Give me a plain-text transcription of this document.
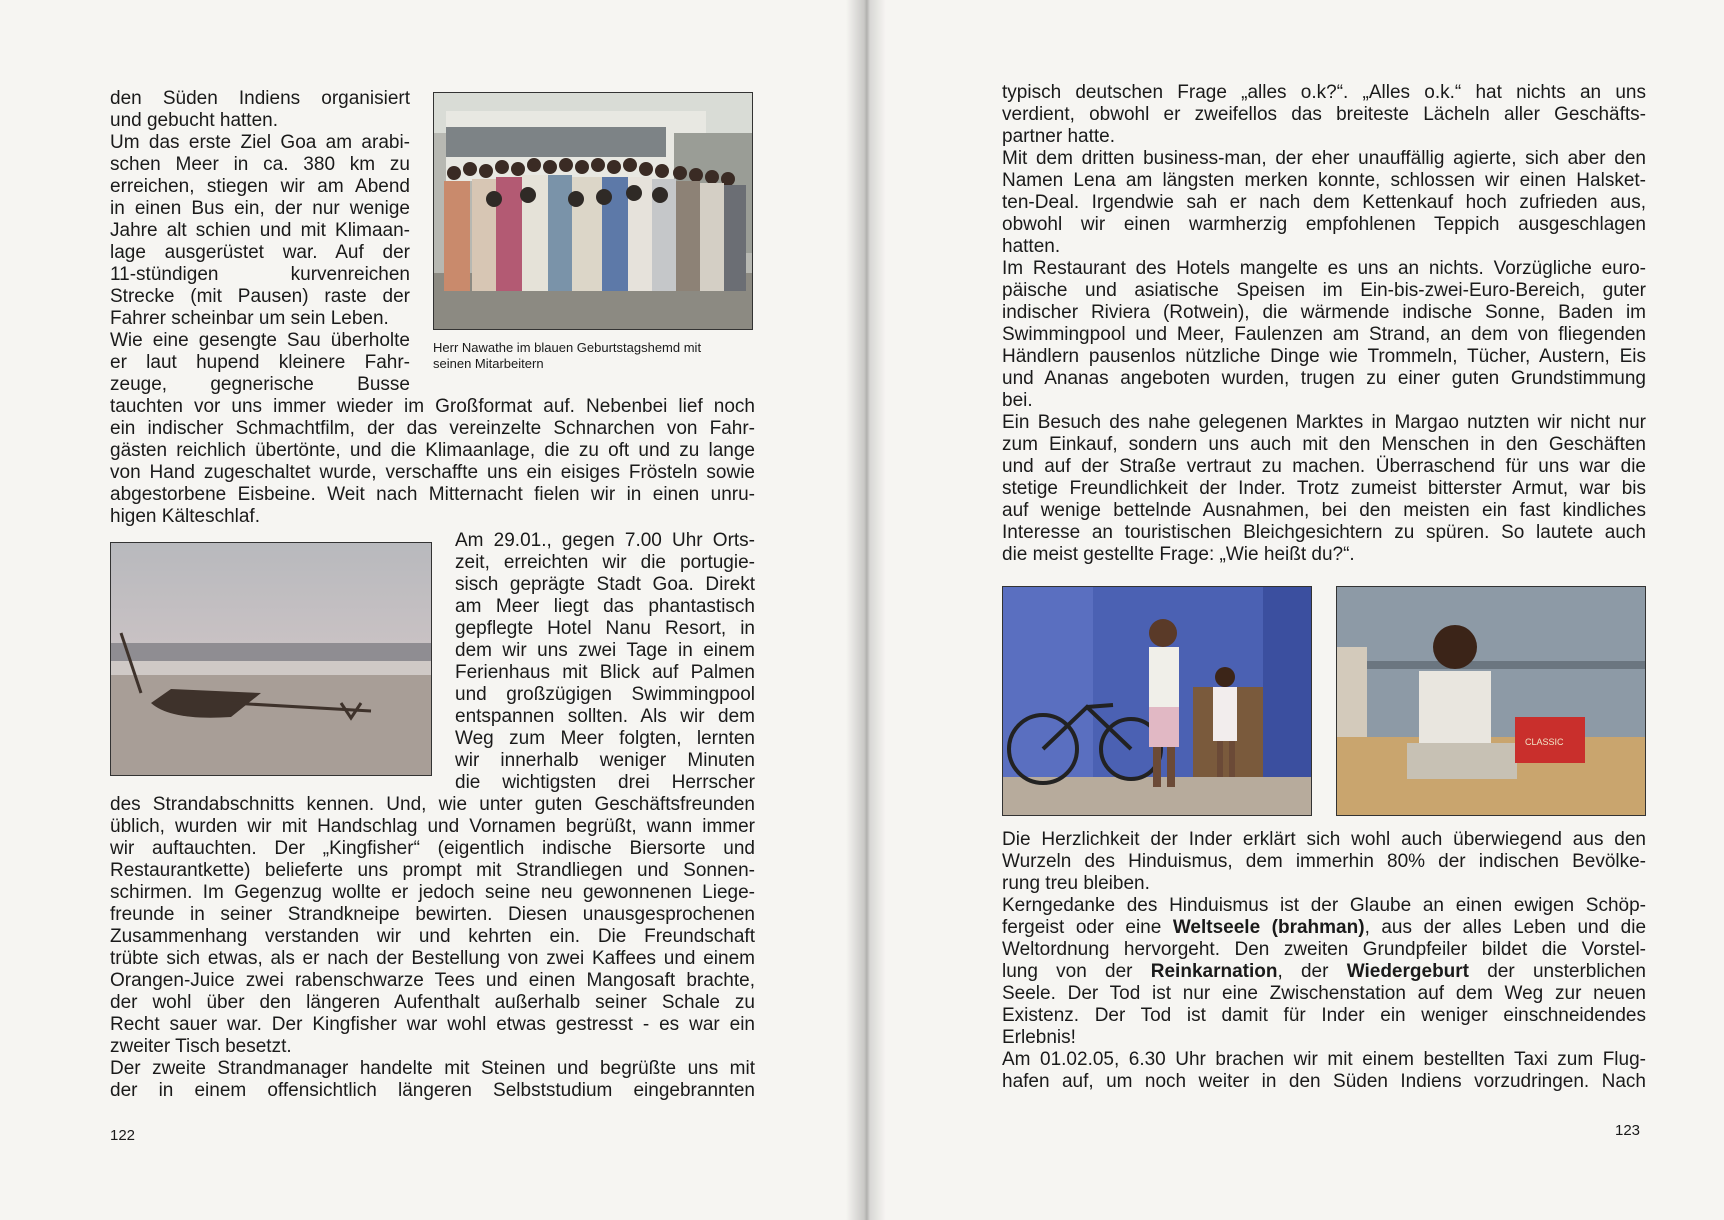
den Süden Indiens organisiert
und gebucht hatten.
Um das erste Ziel Goa am arabi-
schen Meer in ca. 380 km zu
erreichen, stiegen wir am Abend
in einen Bus ein, der nur wenige
Jahre alt schien und mit Klimaan-
lage ausgerüstet war. Auf der
11-stündigen kurvenreichen
Strecke (mit Pausen) raste der
Fahrer scheinbar um sein Leben.
Wie eine gesengte Sau überholte
er laut hupend kleinere Fahr-
zeuge, gegnerische Busse
Herr Nawathe im blauen Geburtstagshemd mit
seinen Mitarbeitern
tauchten vor uns immer wieder im Großformat auf. Nebenbei lief noch
ein indischer Schmachtfilm, der das vereinzelte Schnarchen von Fahr-
gästen reichlich übertönte, und die Klimaanlage, die zu oft und zu lange
von Hand zugeschaltet wurde, verschaffte uns ein eisiges Frösteln sowie
abgestorbene Eisbeine. Weit nach Mitternacht fielen wir in einen unru-
higen Kälteschlaf.
Am 29.01., gegen 7.00 Uhr Orts-
zeit, erreichten wir die portugie-
sisch geprägte Stadt Goa. Direkt
am Meer liegt das phantastisch
gepflegte Hotel Nanu Resort, in
dem wir uns zwei Tage in einem
Ferienhaus mit Blick auf Palmen
und großzügigen Swimmingpool
entspannen sollten. Als wir dem
Weg zum Meer folgten, lernten
wir innerhalb weniger Minuten
die wichtigsten drei Herrscher
des Strandabschnitts kennen. Und, wie unter guten Geschäftsfreunden
üblich, wurden wir mit Handschlag und Vornamen begrüßt, wann immer
wir auftauchten. Der „Kingfisher“ (eigentlich indische Biersorte und
Restaurantkette) belieferte uns prompt mit Strandliegen und Sonnen-
schirmen. Im Gegenzug wollte er jedoch seine neu gewonnenen Liege-
freunde in seiner Strandkneipe bewirten. Diesen unausgesprochenen
Zusammenhang verstanden wir und kehrten ein. Die Freundschaft
trübte sich etwas, als er nach der Bestellung von zwei Kaffees und einem
Orangen-Juice zwei rabenschwarze Tees und einen Mangosaft brachte,
der wohl über den längeren Aufenthalt außerhalb seiner Schale zu
Recht sauer war. Der Kingfisher war wohl etwas gestresst - es war ein
zweiter Tisch besetzt.
Der zweite Strandmanager handelte mit Steinen und begrüßte uns mit
der in einem offensichtlich längeren Selbststudium eingebrannten
122
typisch deutschen Frage „alles o.k?“. „Alles o.k.“ hat nichts an uns
verdient, obwohl er zweifellos das breiteste Lächeln aller Geschäfts-
partner hatte.
Mit dem dritten business-man, der eher unauffällig agierte, sich aber den
Namen Lena am längsten merken konnte, schlossen wir einen Halsket-
ten-Deal. Irgendwie sah er nach dem Kettenkauf hoch zufrieden aus,
obwohl wir einen warmherzig empfohlenen Teppich ausgeschlagen
hatten.
Im Restaurant des Hotels mangelte es uns an nichts. Vorzügliche euro-
päische und asiatische Speisen im Ein-bis-zwei-Euro-Bereich, guter
indischer Riviera (Rotwein), die wärmende indische Sonne, Baden im
Swimmingpool und Meer, Faulenzen am Strand, an dem von fliegenden
Händlern pausenlos nützliche Dinge wie Trommeln, Tücher, Austern, Eis
und Ananas angeboten wurden, trugen zu einer guten Grundstimmung
bei.
Ein Besuch des nahe gelegenen Marktes in Margao nutzten wir nicht nur
zum Einkauf, sondern uns auch mit den Menschen in den Geschäften
und auf der Straße vertraut zu machen. Überraschend für uns war die
stetige Freundlichkeit der Inder. Trotz zumeist bitterster Armut, war bis
auf wenige bettelnde Ausnahmen, bei den meisten ein fast kindliches
Interesse an touristischen Bleichgesichtern zu spüren. So lautete auch
die meist gestellte Frage: „Wie heißt du?“.
CLASSIC
Die Herzlichkeit der Inder erklärt sich wohl auch überwiegend aus den
Wurzeln des Hinduismus, dem immerhin 80% der indischen Bevölke-
rung treu bleiben.
Kerngedanke des Hinduismus ist der Glaube an einen ewigen Schöp-
fergeist oder eine Weltseele (brahman), aus der alles Leben und die
Weltordnung hervorgeht. Den zweiten Grundpfeiler bildet die Vorstel-
lung von der Reinkarnation, der Wiedergeburt der unsterblichen
Seele. Der Tod ist nur eine Zwischenstation auf dem Weg zur neuen
Existenz. Der Tod ist damit für Inder ein weniger einschneidendes
Erlebnis!
Am 01.02.05, 6.30 Uhr brachen wir mit einem bestellten Taxi zum Flug-
hafen auf, um noch weiter in den Süden Indiens vorzudringen. Nach
123
